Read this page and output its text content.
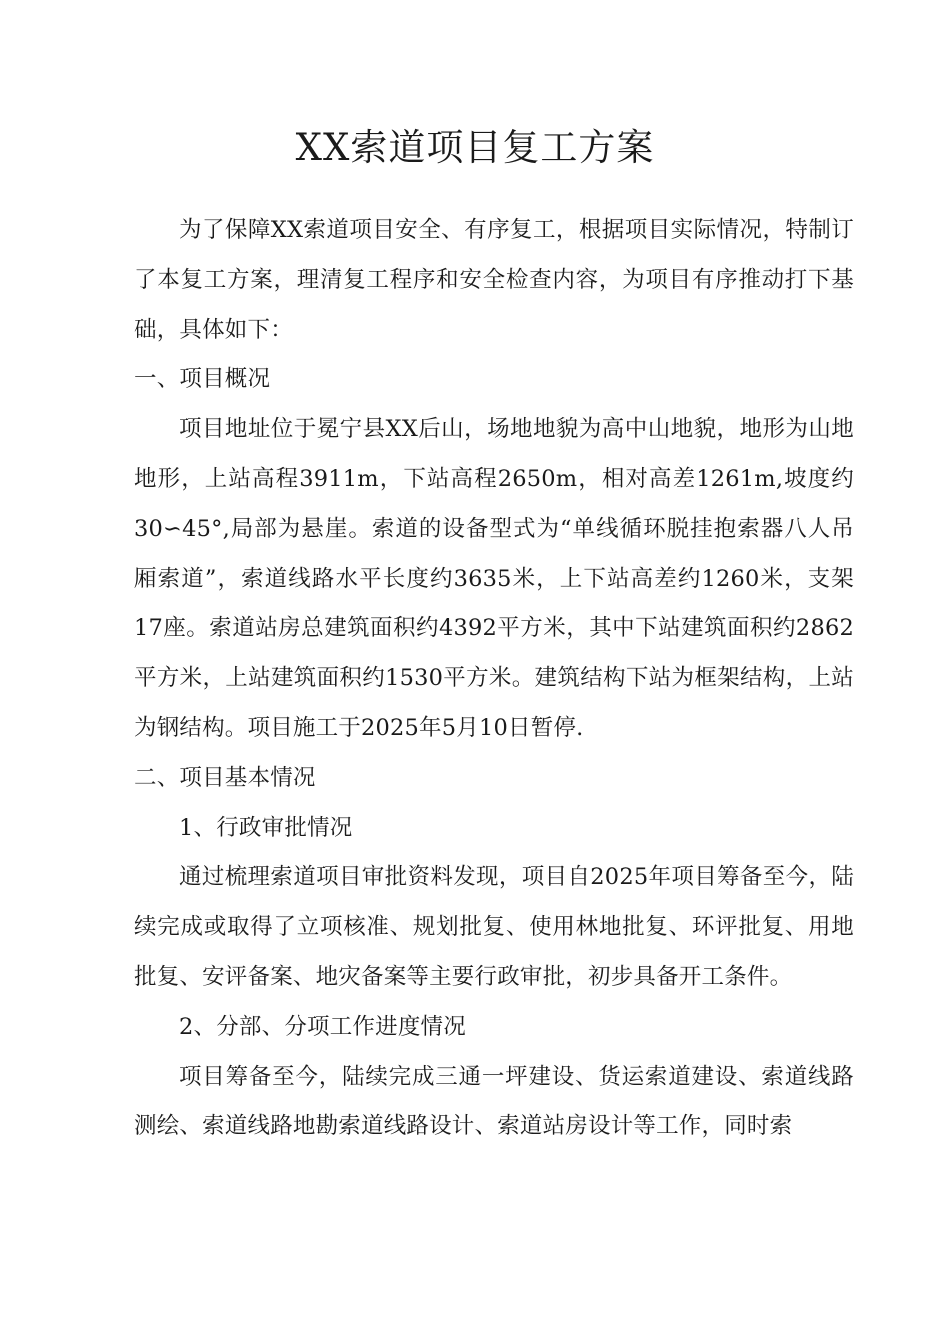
XX索道项目复工方案

为了保障XX索道项目安全、有序复工，根据项目实际情况，特制订了本复工方案，理清复工程序和安全检查内容，为项目有序推动打下基础，具体如下：

一、项目概况

项目地址位于冕宁县XX后山，场地地貌为高中山地貌，地形为山地地形，上站高程3911m，下站高程2650m，相对高差1261m,坡度约30∽45°,局部为悬崖。索道的设备型式为“单线循环脱挂抱索器八人吊厢索道”，索道线路水平长度约3635米，上下站高差约1260米，支架17座。索道站房总建筑面积约4392平方米，其中下站建筑面积约2862平方米，上站建筑面积约1530平方米。建筑结构下站为框架结构，上站为钢结构。项目施工于2025年5月10日暂停.

二、项目基本情况

1、行政审批情况

通过梳理索道项目审批资料发现，项目自2025年项目筹备至今，陆续完成或取得了立项核准、规划批复、使用林地批复、环评批复、用地批复、安评备案、地灾备案等主要行政审批，初步具备开工条件。

2、分部、分项工作进度情况

项目筹备至今，陆续完成三通一坪建设、货运索道建设、索道线路测绘、索道线路地勘索道线路设计、索道站房设计等工作，同时索
